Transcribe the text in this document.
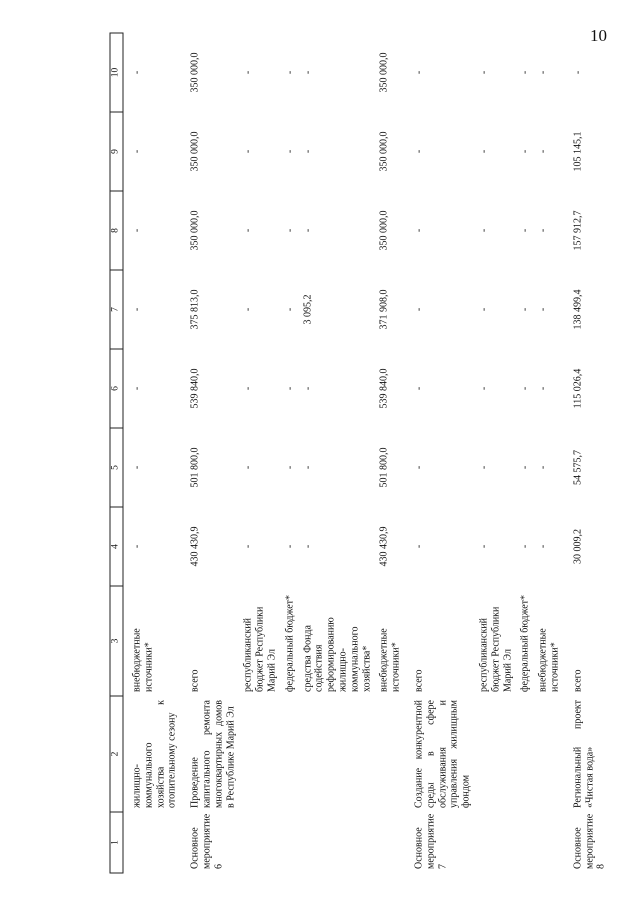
10
1	2	3	4	5	6	7	8	9	10
	жилищно-коммунального хозяйства к отопительному сезону	внебюджетные источники*	-	-	-	-	-	-	-
Основное мероприятие 6	Проведение капитального ремонта многоквартирных домов в Республике Марий Эл	всего	430 430,9	501 800,0	539 840,0	375 813,0	350 000,0	350 000,0	350 000,0
		республиканский бюджет Республики Марий Эл	-	-	-	-	-	-	-
		федеральный бюджет*	-	-	-	-	-	-	-
		средства Фонда содействия реформированию жилищно-коммунального хозяйства*	-	-	-	3 095,2	-	-	-
		внебюджетные источники*	430 430,9	501 800,0	539 840,0	371 908,0	350 000,0	350 000,0	350 000,0
Основное мероприятие 7	Создание конкурентной среды в сфере обслуживания и управления жилищным фондом	всего	-	-	-	-	-	-	-
		республиканский бюджет Республики Марий Эл	-	-	-	-	-	-	-
		федеральный бюджет*	-	-	-	-	-	-	-
		внебюджетные источники*	-	-	-	-	-	-	-
Основное мероприятие 8	Региональный проект «Чистая вода»	всего	30 009,2	54 575,7	115 026,4	138 499,4	157 912,7	105 145,1	-
